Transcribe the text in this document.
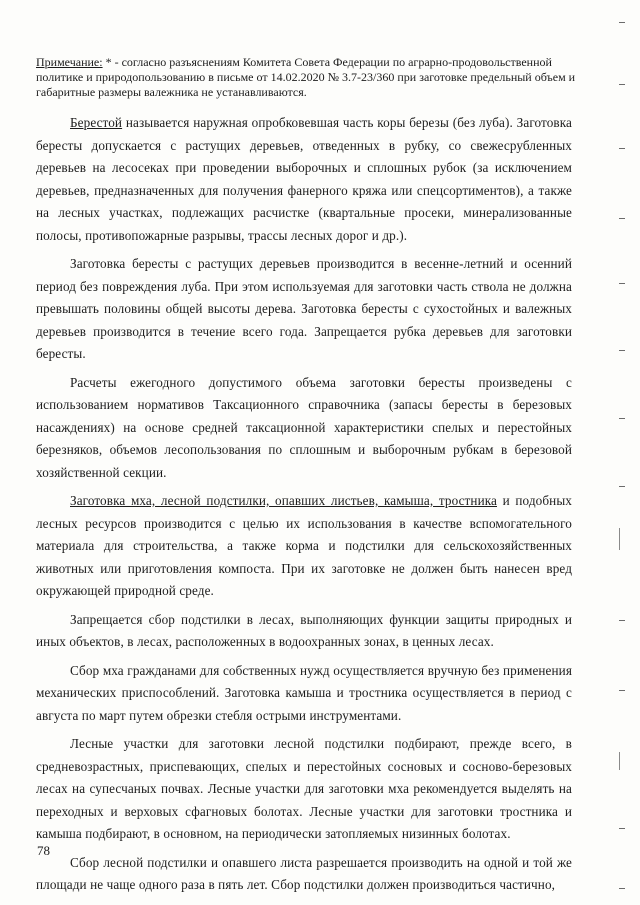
Примечание: * - согласно разъяснениям Комитета Совета Федерации по аграрно-продовольственной политике и природопользованию в письме от 14.02.2020 № 3.7-23/360 при заготовке предельный объем и габаритные размеры валежника не устанавливаются.

Берестой называется наружная опробковевшая часть коры березы (без луба). Заготовка бересты допускается с растущих деревьев, отведенных в рубку, со свежесрубленных деревьев на лесосеках при проведении выборочных и сплошных рубок (за исключением деревьев, предназначенных для получения фанерного кряжа или спецсортиментов), а также на лесных участках, подлежащих расчистке (квартальные просеки, минерализованные полосы, противопожарные разрывы, трассы лесных дорог и др.).

Заготовка бересты с растущих деревьев производится в весенне-летний и осенний период без повреждения луба. При этом используемая для заготовки часть ствола не должна превышать половины общей высоты дерева. Заготовка бересты с сухостойных и валежных деревьев производится в течение всего года. Запрещается рубка деревьев для заготовки бересты.

Расчеты ежегодного допустимого объема заготовки бересты произведены с использованием нормативов Таксационного справочника (запасы бересты в березовых насаждениях) на основе средней таксационной характеристики спелых и перестойных березняков, объемов лесопользования по сплошным и выборочным рубкам в березовой хозяйственной секции.

Заготовка мха, лесной подстилки, опавших листьев, камыша, тростника и подобных лесных ресурсов производится с целью их использования в качестве вспомогательного материала для строительства, а также корма и подстилки для сельскохозяйственных животных или приготовления компоста. При их заготовке не должен быть нанесен вред окружающей природной среде.

Запрещается сбор подстилки в лесах, выполняющих функции защиты природных и иных объектов, в лесах, расположенных в водоохранных зонах, в ценных лесах.

Сбор мха гражданами для собственных нужд осуществляется вручную без применения механических приспособлений. Заготовка камыша и тростника осуществляется в период с августа по март путем обрезки стебля острыми инструментами.

Лесные участки для заготовки лесной подстилки подбирают, прежде всего, в средневозрастных, приспевающих, спелых и перестойных сосновых и сосново-березовых лесах на супесчаных почвах. Лесные участки для заготовки мха рекомендуется выделять на переходных и верховых сфагновых болотах. Лесные участки для заготовки тростника и камыша подбирают, в основном, на периодически затопляемых низинных болотах.

Сбор лесной подстилки и опавшего листа разрешается производить на одной и той же площади не чаще одного раза в пять лет. Сбор подстилки должен производиться частично,

78
